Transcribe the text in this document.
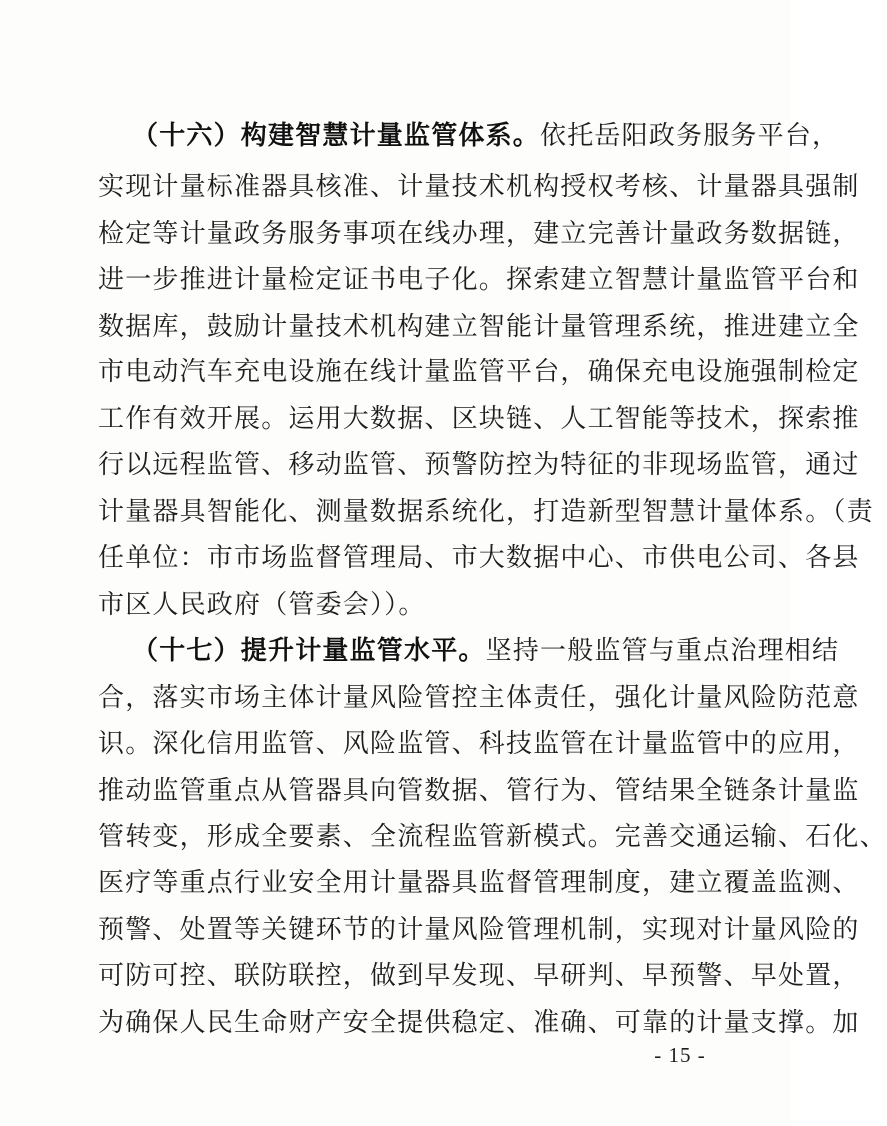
（十六）构建智慧计量监管体系。依托岳阳政务服务平台，
实现计量标准器具核准、计量技术机构授权考核、计量器具强制
检定等计量政务服务事项在线办理，建立完善计量政务数据链，
进一步推进计量检定证书电子化。探索建立智慧计量监管平台和
数据库，鼓励计量技术机构建立智能计量管理系统，推进建立全
市电动汽车充电设施在线计量监管平台，确保充电设施强制检定
工作有效开展。运用大数据、区块链、人工智能等技术，探索推
行以远程监管、移动监管、预警防控为特征的非现场监管，通过
计量器具智能化、测量数据系统化，打造新型智慧计量体系。（责
任单位：市市场监督管理局、市大数据中心、市供电公司、各县
市区人民政府（管委会））。
（十七）提升计量监管水平。坚持一般监管与重点治理相结
合，落实市场主体计量风险管控主体责任，强化计量风险防范意
识。深化信用监管、风险监管、科技监管在计量监管中的应用，
推动监管重点从管器具向管数据、管行为、管结果全链条计量监
管转变，形成全要素、全流程监管新模式。完善交通运输、石化、
医疗等重点行业安全用计量器具监督管理制度，建立覆盖监测、
预警、处置等关键环节的计量风险管理机制，实现对计量风险的
可防可控、联防联控，做到早发现、早研判、早预警、早处置，
为确保人民生命财产安全提供稳定、准确、可靠的计量支撑。加
- 15 -
